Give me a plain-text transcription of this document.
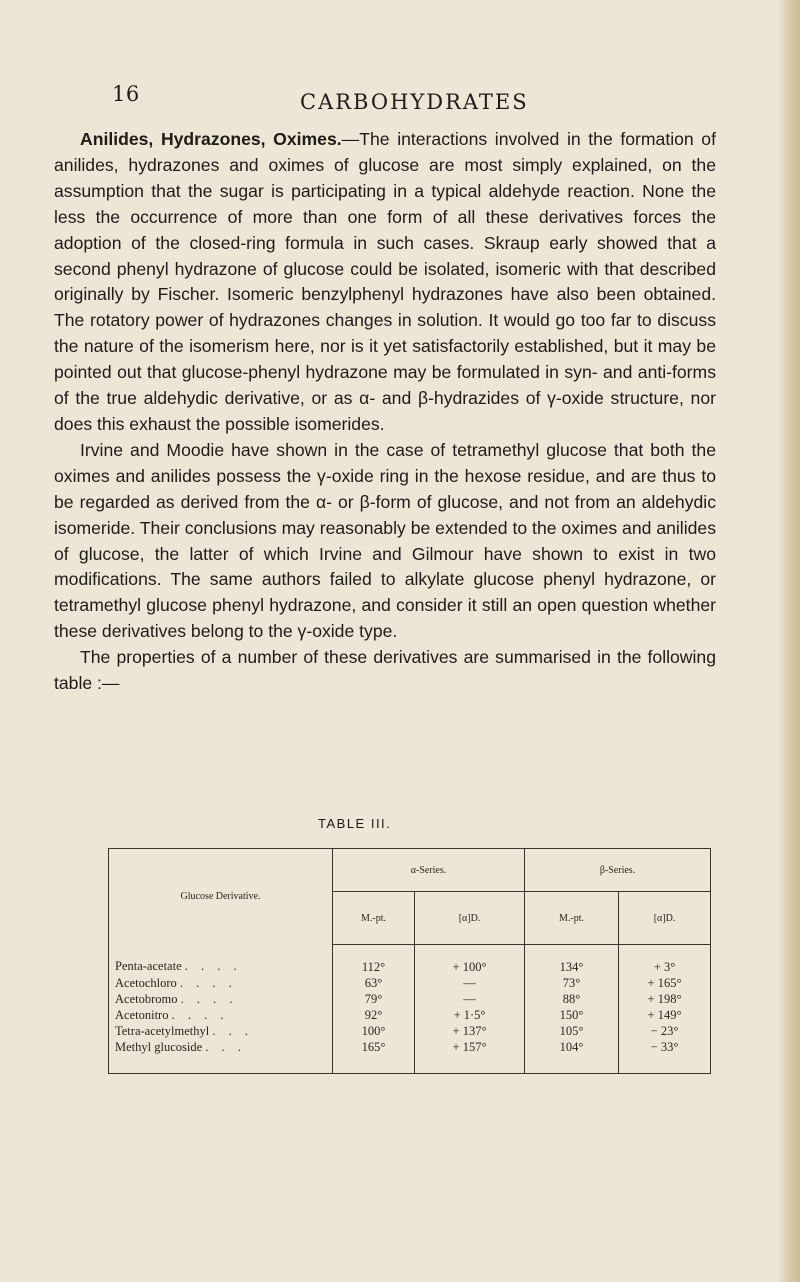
16	CARBOHYDRATES

Anilides, Hydrazones, Oximes.—The interactions involved in the formation of anilides, hydrazones and oximes of glucose are most simply explained, on the assumption that the sugar is participating in a typical aldehyde reaction. None the less the occurrence of more than one form of all these derivatives forces the adoption of the closed-ring formula in such cases. Skraup early showed that a second phenyl hydrazone of glucose could be isolated, isomeric with that described originally by Fischer. Isomeric benzylphenyl hydrazones have also been obtained. The rotatory power of hydrazones changes in solution. It would go too far to discuss the nature of the isomerism here, nor is it yet satisfactorily established, but it may be pointed out that glucose-phenyl hydrazone may be formulated in syn- and anti-forms of the true aldehydic derivative, or as α- and β-hydrazides of γ-oxide structure, nor does this exhaust the possible isomerides.

Irvine and Moodie have shown in the case of tetramethyl glucose that both the oximes and anilides possess the γ-oxide ring in the hexose residue, and are thus to be regarded as derived from the α- or β-form of glucose, and not from an aldehydic isomeride. Their conclusions may reasonably be extended to the oximes and anilides of glucose, the latter of which Irvine and Gilmour have shown to exist in two modifications. The same authors failed to alkylate glucose phenyl hydrazone, or tetramethyl glucose phenyl hydrazone, and consider it still an open question whether these derivatives belong to the γ-oxide type.

The properties of a number of these derivatives are summarised in the following table :—

TABLE III.
Glucose Derivative.	α-Series.		β-Series.	
	M.-pt.	[α]D.	M.-pt.	[α]D.
Penta-acetate . . . .	112°	+ 100°	134°	+ 3°
Acetochloro . . . .	63°	—	73°	+ 165°
Acetobromo . . . .	79°	—	88°	+ 198°
Acetonitro . . . .	92°	+ 1·5°	150°	+ 149°
Tetra-acetylmethyl . . .	100°	+ 137°	105°	− 23°
Methyl glucoside . . .	165°	+ 157°	104°	− 33°
